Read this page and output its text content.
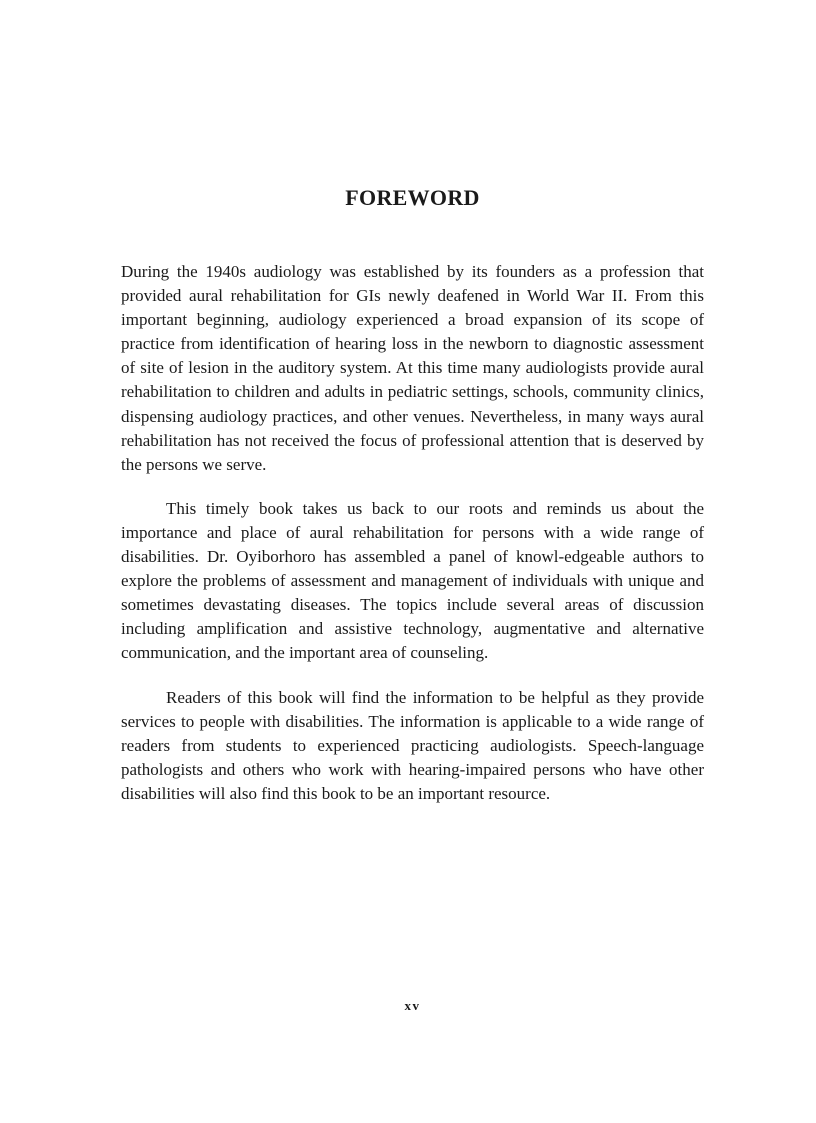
FOREWORD

During the 1940s audiology was established by its founders as a profession that provided aural rehabilitation for GIs newly deafened in World War II. From this important beginning, audiology experienced a broad expansion of its scope of practice from identification of hearing loss in the newborn to diagnostic assessment of site of lesion in the auditory system. At this time many audiologists provide aural rehabilitation to children and adults in pediatric settings, schools, community clinics, dispensing audiology practices, and other venues. Nevertheless, in many ways aural rehabilitation has not received the focus of professional attention that is deserved by the persons we serve.

This timely book takes us back to our roots and reminds us about the importance and place of aural rehabilitation for persons with a wide range of disabilities. Dr. Oyiborhoro has assembled a panel of knowl-edgeable authors to explore the problems of assessment and management of individuals with unique and sometimes devastating diseases. The topics include several areas of discussion including amplification and assistive technology, augmentative and alternative communication, and the important area of counseling.

Readers of this book will find the information to be helpful as they provide services to people with disabilities. The information is applicable to a wide range of readers from students to experienced practicing audiologists. Speech-language pathologists and others who work with hearing-impaired persons who have other disabilities will also find this book to be an important resource.

xv
